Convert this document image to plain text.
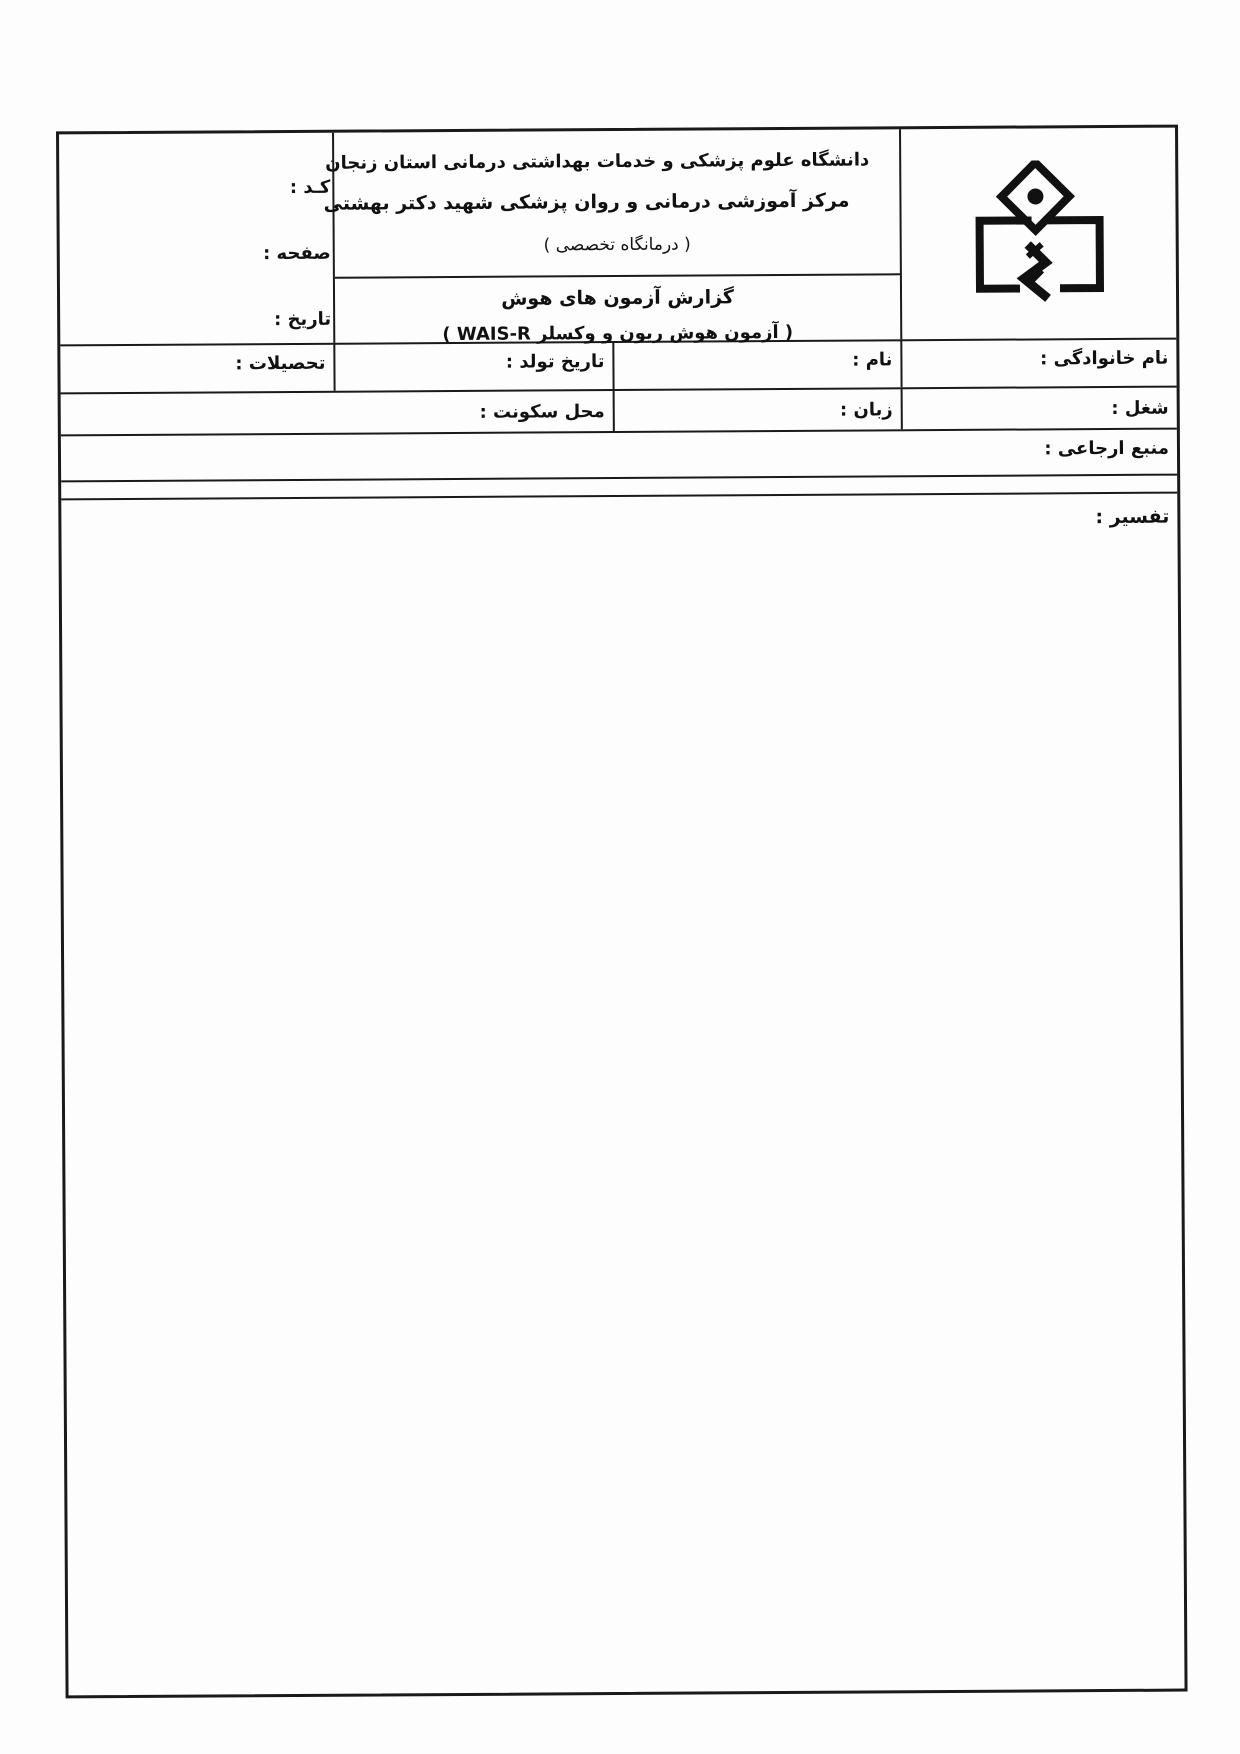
دانشگاه علوم پزشکی و خدمات بهداشتی درمانی استان زنجان
مرکز آموزشی درمانی و روان پزشکی شهید دکتر بهشتی
( درمانگاه تخصصی )
گزارش آزمون های هوش
( آزمون هوش ریون و وکسلر WAIS-R )
کـد :
صفحه :
تاریخ :
نام خانوادگی :
نام :
تاریخ تولد :
تحصیلات :
شغل :
زبان :
محل سکونت :
منبع ارجاعی :
تفسیر :
